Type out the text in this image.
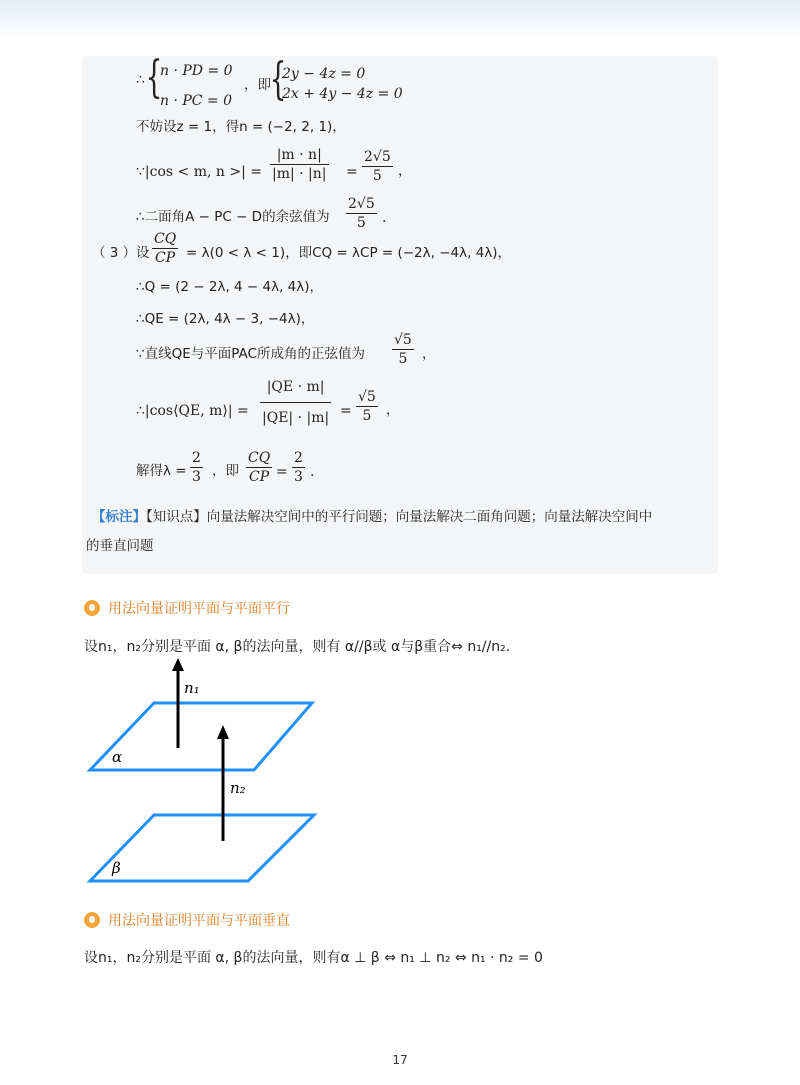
∴ {
n · PD = 0
n · PC = 0
，即
{
2y − 4z = 0
2x + 4y − 4z = 0
不妨设z = 1，得n = (−2, 2, 1)，
∵|cos < m, n >| = $\frac{|m \cdot n|}{|m| \cdot |n|} = \frac{2√5}{5}$ ，
∴二面角A − PC − D的余弦值为 $\frac{2√5}{5}$ .
（ 3 ） 设 $\frac{CQ}{CP} = \lambda(0 < \lambda < 1)$，即CQ = λCP = (−2λ, −4λ, 4λ)，
∴Q = (2 − 2λ, 4 − 4λ, 4λ)，
∴QE = (2λ, 4λ − 3, −4λ)，
∵直线QE与平面PAC所成角的正弦值为 $\frac{√5}{5}$ ，
∴|cos⟨QE, m⟩| = $\frac{|QE \cdot m|}{|QE| \cdot |m|} = \frac{√5}{5}$ ，
解得$\lambda = \frac{2}{3}$ ，即 $\frac{CQ}{CP} = \frac{2}{3}$ .
【标注】【知识点】向量法解决空间中的平行问题；向量法解决二面角问题；向量法解决空间中
的垂直问题
用法向量证明平面与平面平行
设n₁，n₂分别是平面 α, β的法向量，则有 α//β或 α与β重合⇔ n₁//n₂.
n₁
n₂
α
β
用法向量证明平面与平面垂直
设n₁，n₂分别是平面 α, β的法向量，则有α ⊥ β ⇔ n₁ ⊥ n₂ ⇔ n₁ · n₂ = 0
17
